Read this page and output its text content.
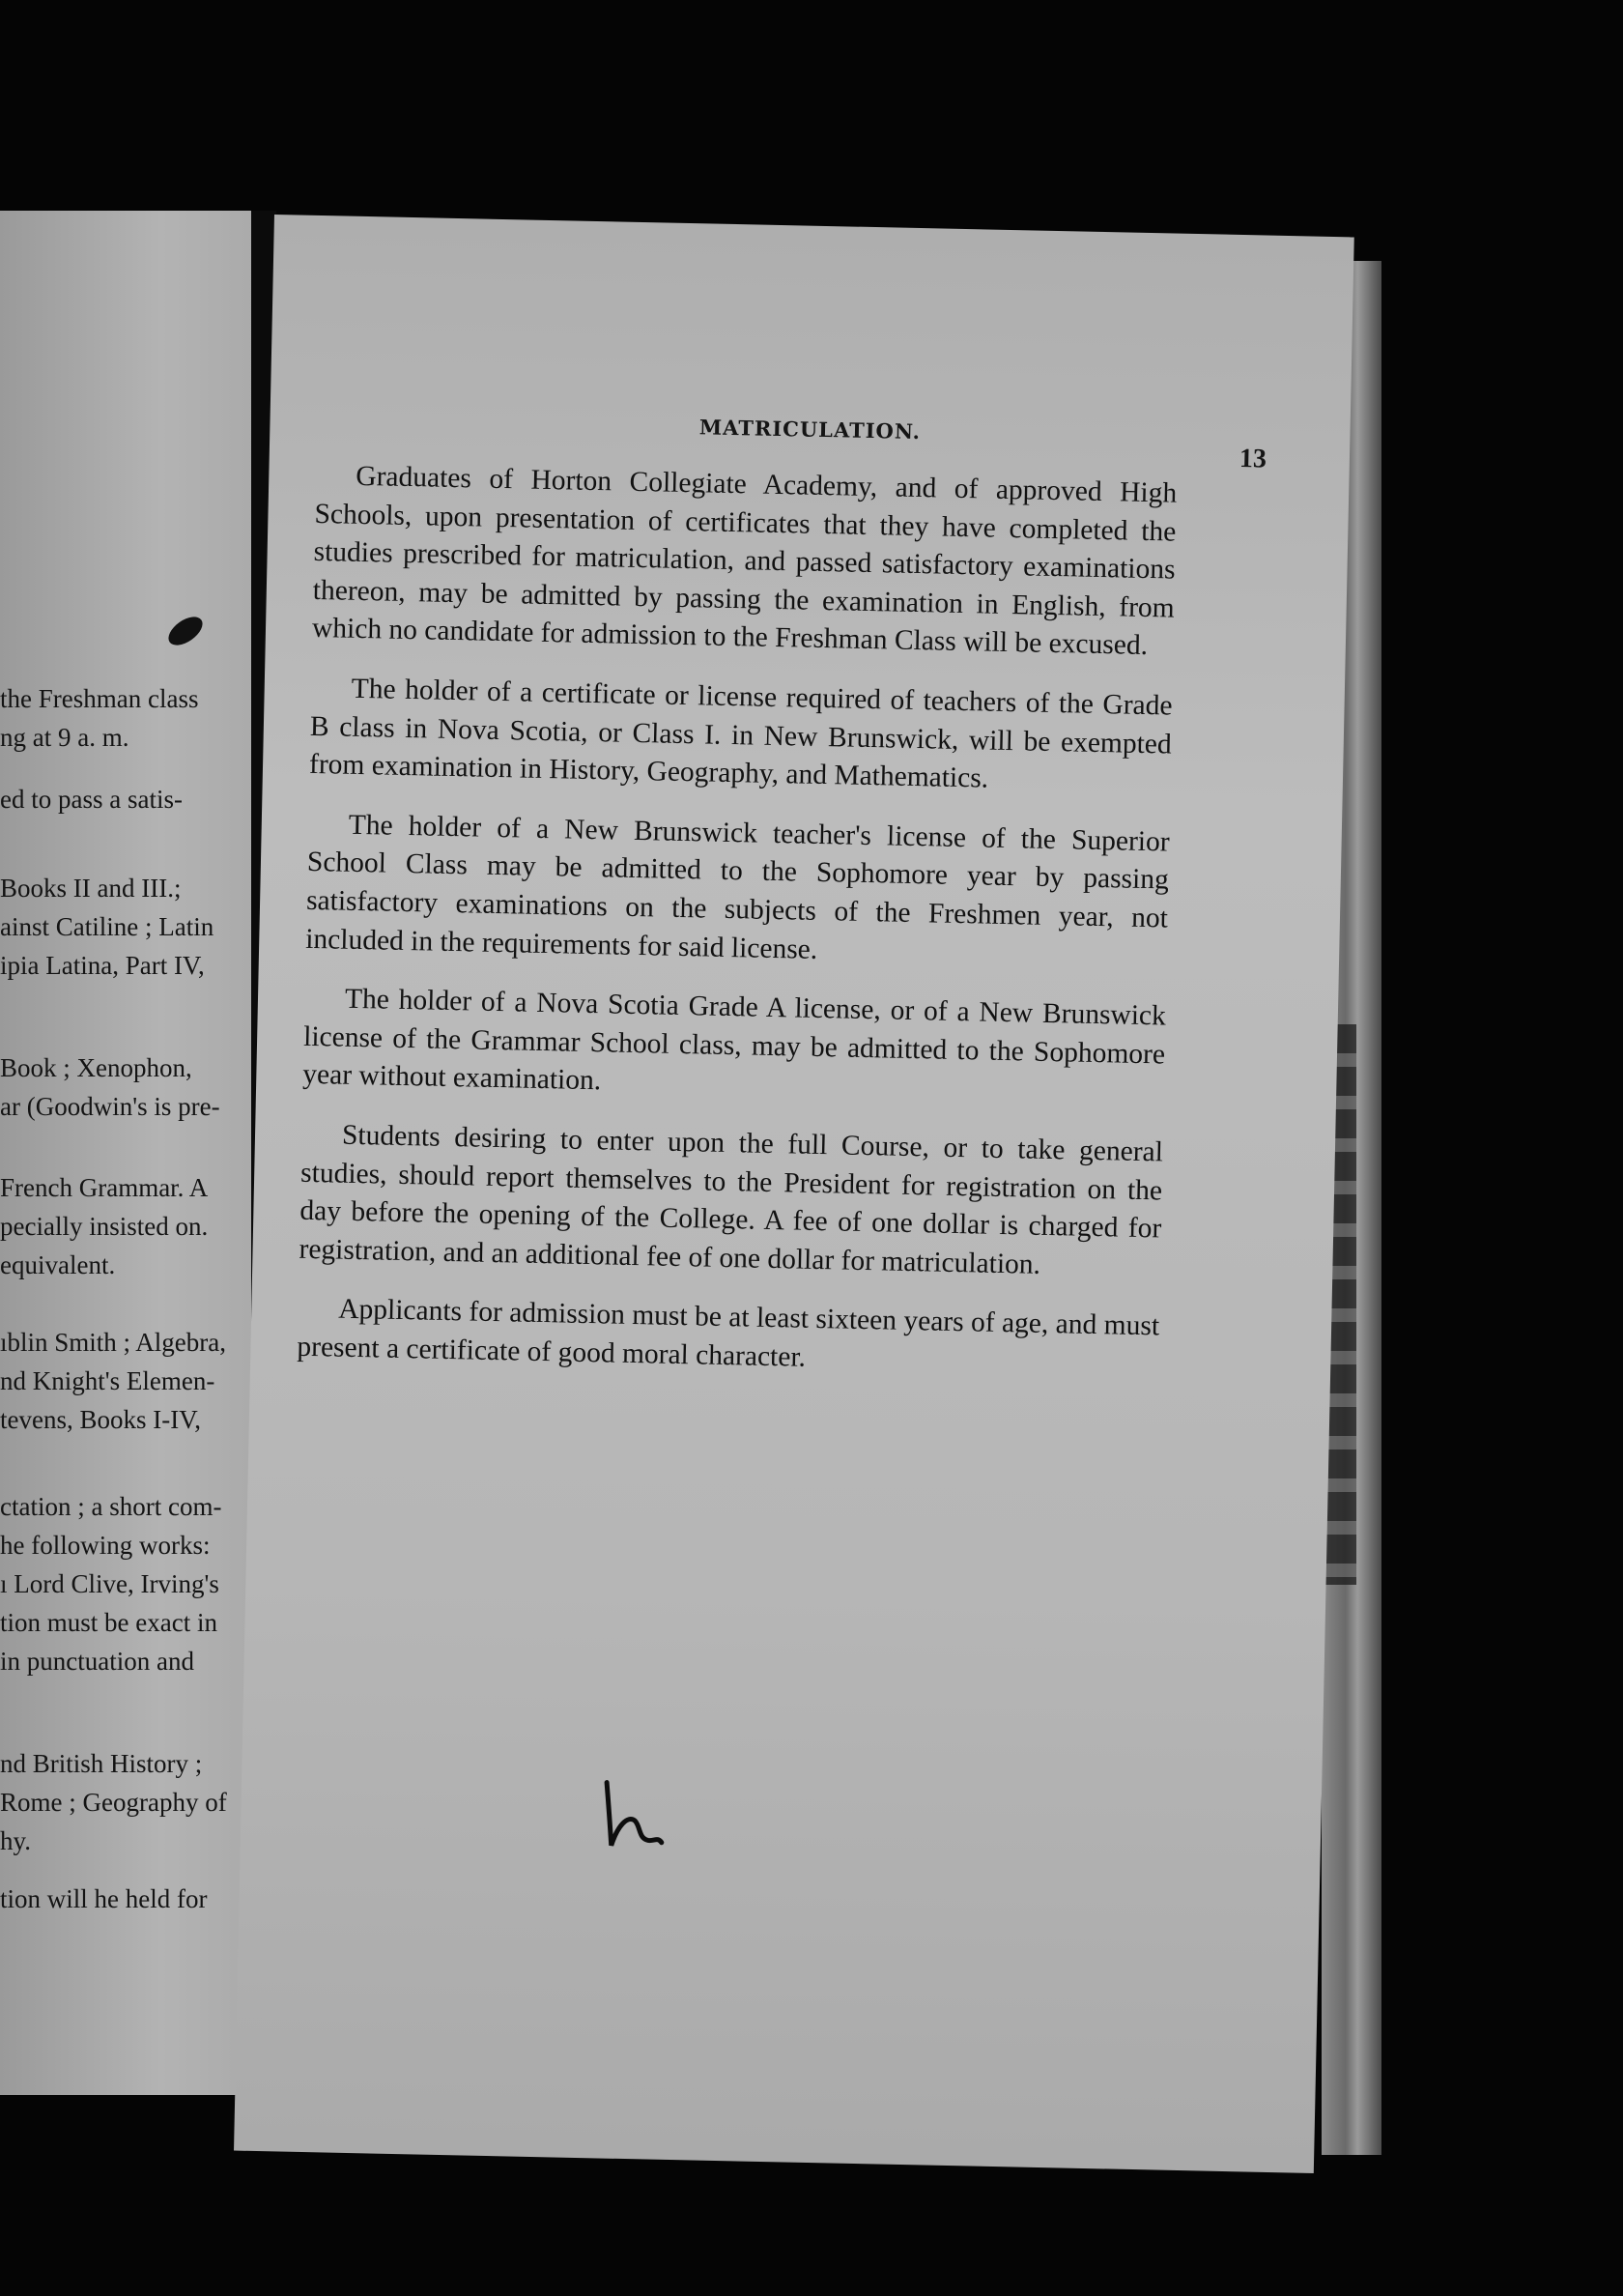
the Freshman class
ng at 9 a. m.
ed to pass a satis-
Books II and III.;
ainst Catiline ; Latin
ipia Latina, Part IV,
Book ; Xenophon,
ar (Goodwin's is pre-
French Grammar. A
pecially insisted on.
equivalent.
ıblin Smith ; Algebra,
nd Knight's Elemen-
tevens, Books I-IV,
ctation ; a short com-
he following works:
ı Lord Clive, Irving's
tion must be exact in
in punctuation and
nd British History ;
Rome ; Geography of
hy.
tion will he held for
MATRICULATION.
13

Graduates of Horton Collegiate Academy, and of approved High Schools, upon presentation of certificates that they have completed the studies prescribed for matriculation, and passed satisfactory examinations thereon, may be admitted by passing the examination in English, from which no candidate for admission to the Freshman Class will be excused.

The holder of a certificate or license required of teachers of the Grade B class in Nova Scotia, or Class I. in New Brunswick, will be exempted from examination in History, Geography, and Mathematics.

The holder of a New Brunswick teacher's license of the Superior School Class may be admitted to the Sophomore year by passing satisfactory examinations on the subjects of the Freshmen year, not included in the requirements for said license.

The holder of a Nova Scotia Grade A license, or of a New Brunswick license of the Grammar School class, may be admitted to the Sophomore year without examination.

Students desiring to enter upon the full Course, or to take general studies, should report themselves to the President for registration on the day before the opening of the College. A fee of one dollar is charged for registration, and an additional fee of one dollar for matriculation.

Applicants for admission must be at least sixteen years of age, and must present a certificate of good moral character.
